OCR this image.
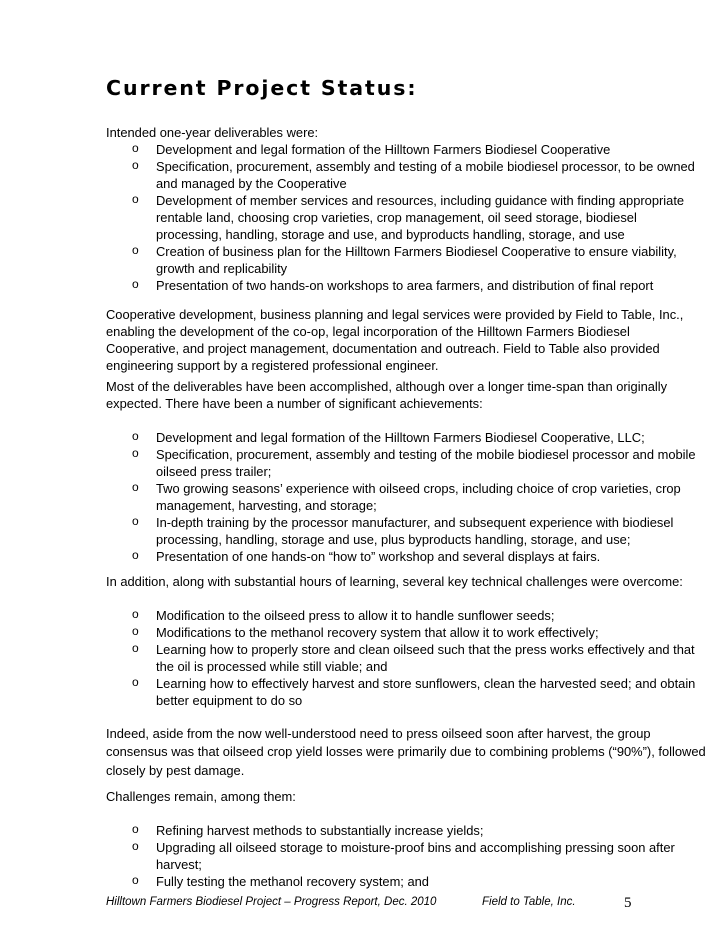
Current Project Status:

Intended one-year deliverables were:

o Development and legal formation of the Hilltown Farmers Biodiesel Cooperative
o Specification, procurement, assembly and testing of a mobile biodiesel processor, to be owned and managed by the Cooperative
o Development of member services and resources, including guidance with finding appropriate rentable land, choosing crop varieties, crop management, oil seed storage, biodiesel processing, handling, storage and use, and byproducts handling, storage, and use
o Creation of business plan for the Hilltown Farmers Biodiesel Cooperative to ensure viability, growth and replicability
o Presentation of two hands-on workshops to area farmers, and distribution of final report

Cooperative development, business planning and legal services were provided by Field to Table, Inc., enabling the development of the co-op, legal incorporation of the Hilltown Farmers Biodiesel Cooperative, and project management, documentation and outreach. Field to Table also provided engineering support by a registered professional engineer.

Most of the deliverables have been accomplished, although over a longer time-span than originally expected. There have been a number of significant achievements:

o Development and legal formation of the Hilltown Farmers Biodiesel Cooperative, LLC;
o Specification, procurement, assembly and testing of the mobile biodiesel processor and mobile oilseed press trailer;
o Two growing seasons’ experience with oilseed crops, including choice of crop varieties, crop management, harvesting, and storage;
o In-depth training by the processor manufacturer, and subsequent experience with biodiesel processing, handling, storage and use, plus byproducts handling, storage, and use;
o Presentation of one hands-on “how to” workshop and several displays at fairs.

In addition, along with substantial hours of learning, several key technical challenges were overcome:

o Modification to the oilseed press to allow it to handle sunflower seeds;
o Modifications to the methanol recovery system that allow it to work effectively;
o Learning how to properly store and clean oilseed such that the press works effectively and that the oil is processed while still viable; and
o Learning how to effectively harvest and store sunflowers, clean the harvested seed; and obtain better equipment to do so

Indeed, aside from the now well-understood need to press oilseed soon after harvest, the group consensus was that oilseed crop yield losses were primarily due to combining problems (“90%”), followed closely by pest damage.

Challenges remain, among them:

o Refining harvest methods to substantially increase yields;
o Upgrading all oilseed storage to moisture-proof bins and accomplishing pressing soon after harvest;
o Fully testing the methanol recovery system; and
Hilltown Farmers Biodiesel Project – Progress Report, Dec. 2010	Field to Table, Inc.	5
